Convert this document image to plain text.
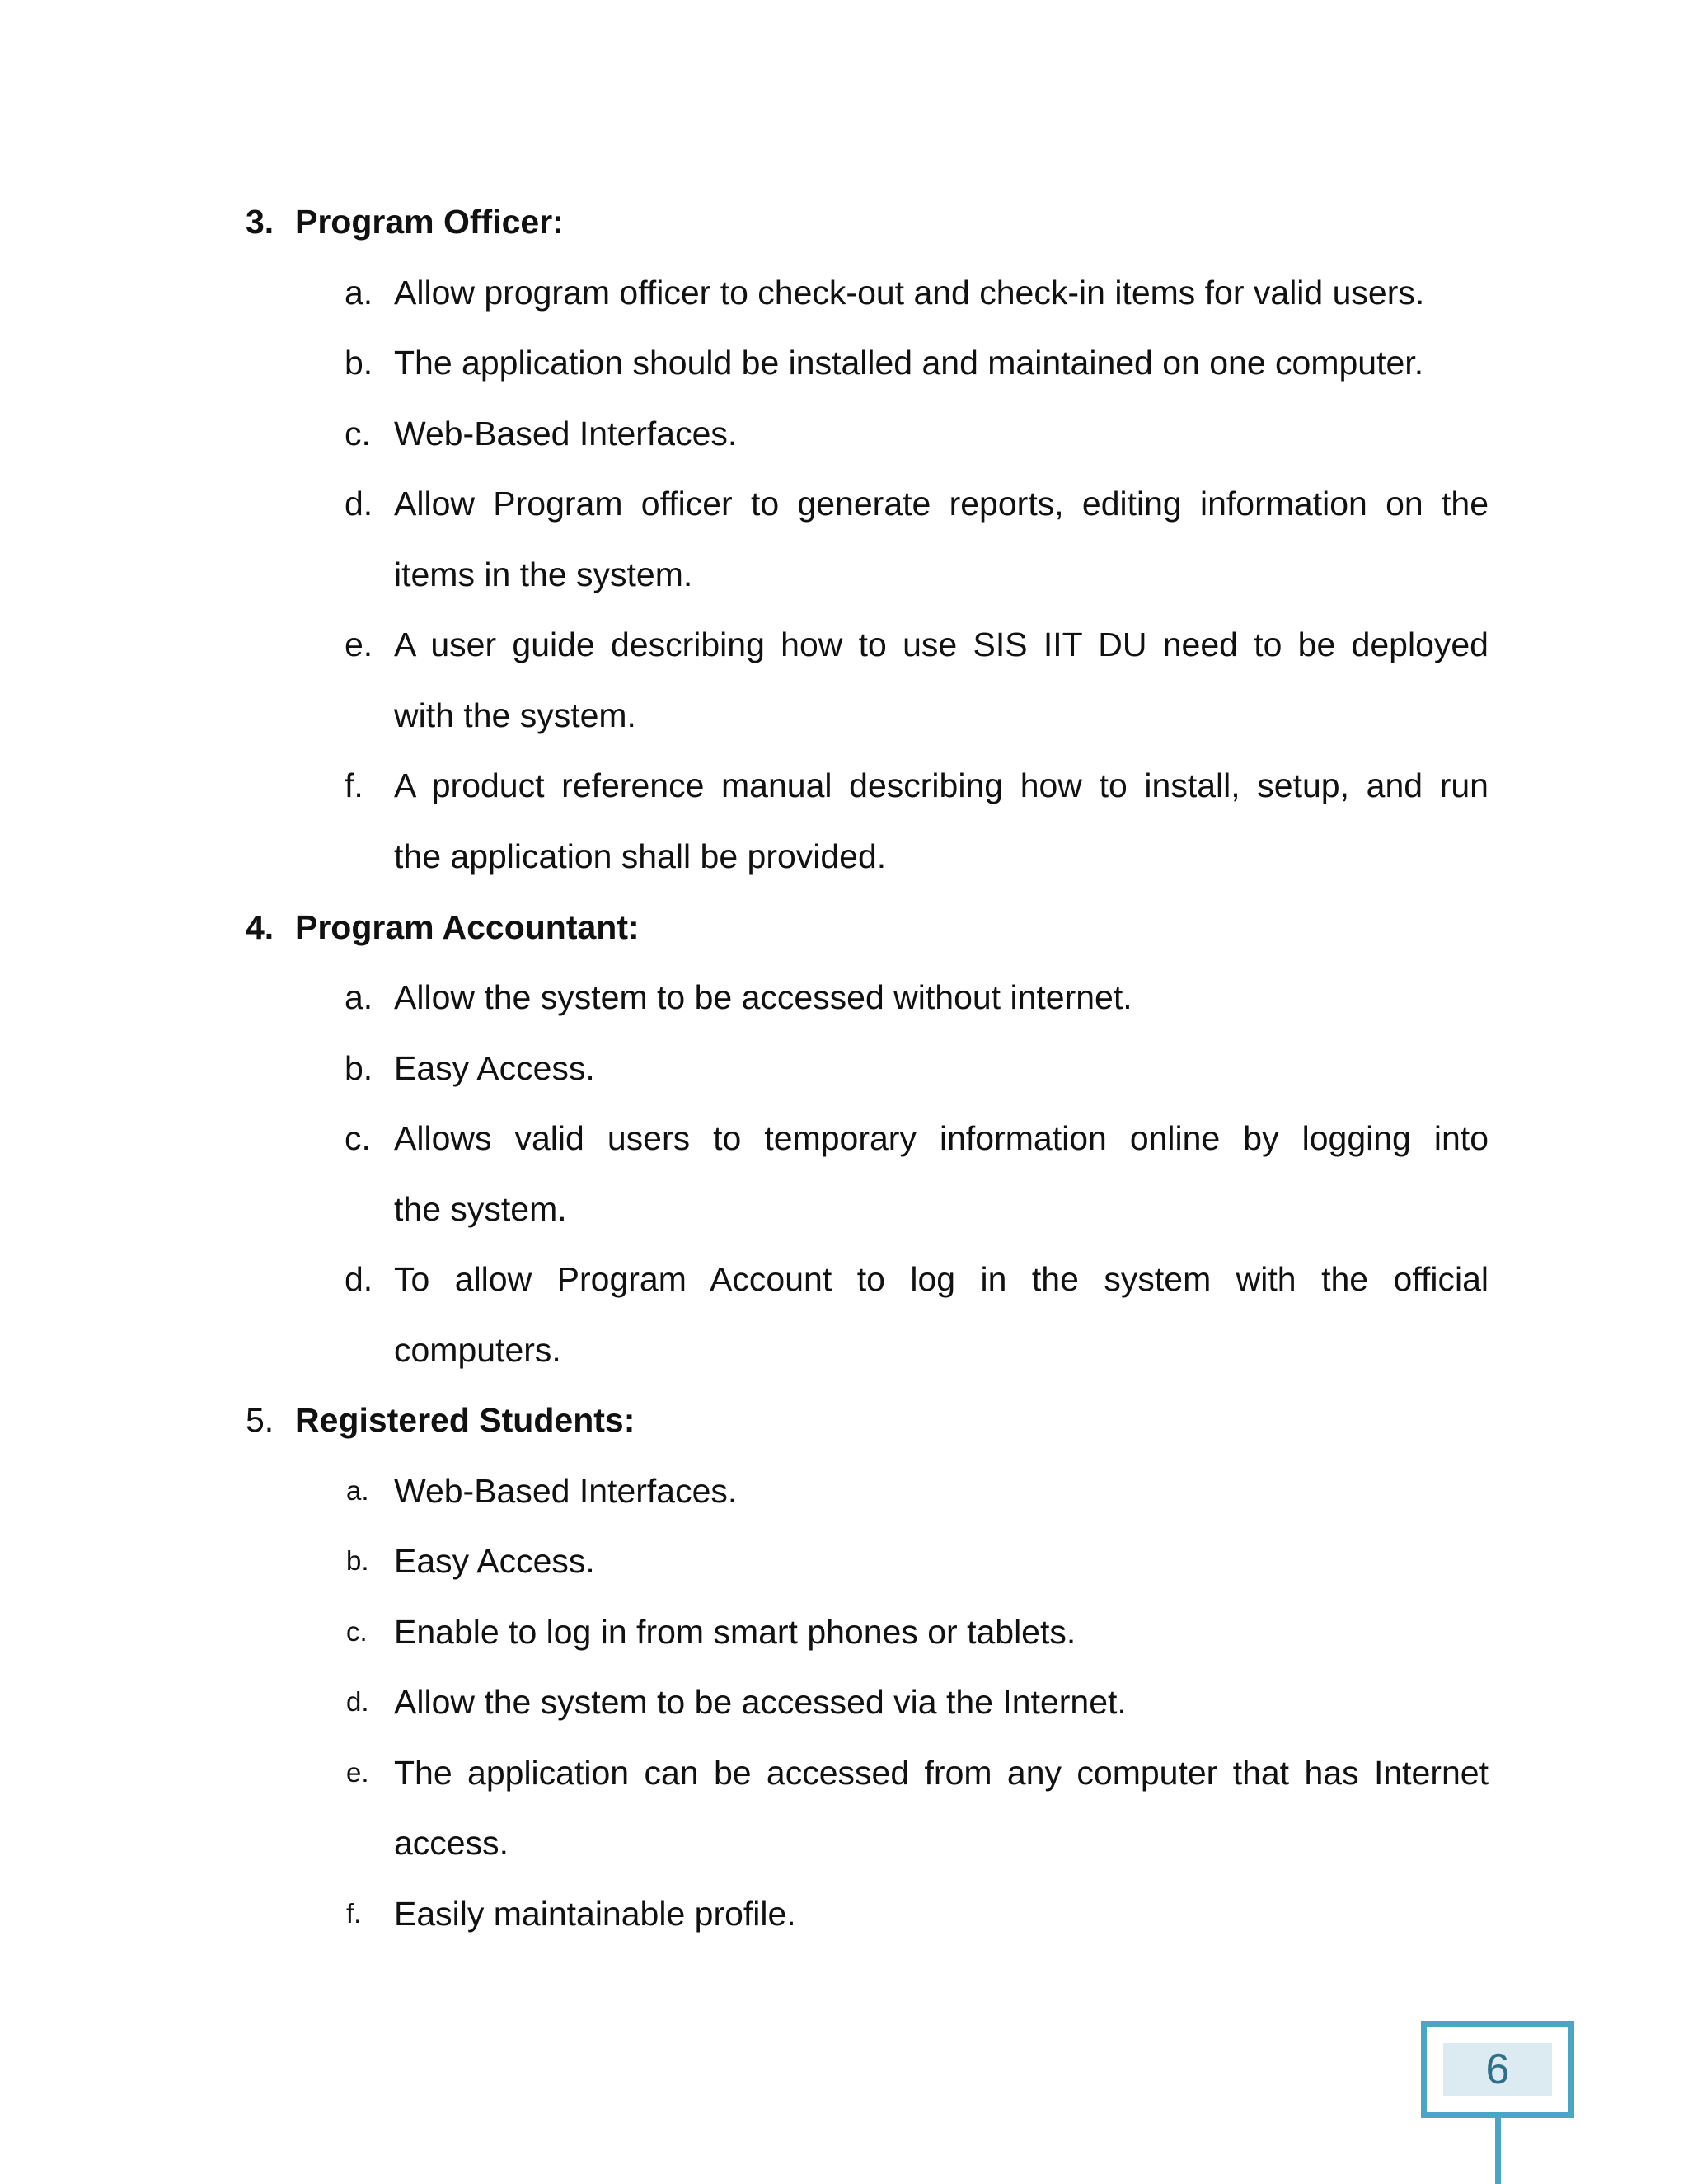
3. Program Officer:
a. Allow program officer to check-out and check-in items for valid users.
b. The application should be installed and maintained on one computer.
c. Web-Based Interfaces.
d. Allow Program officer to generate reports, editing information on the
items in the system.
e. A user guide describing how to use SIS IIT DU need to be deployed
with the system.
f. A product reference manual describing how to install, setup, and run
the application shall be provided.
4. Program Accountant:
a. Allow the system to be accessed without internet.
b. Easy Access.
c. Allows valid users to temporary information online by logging into
the system.
d. To allow Program Account to log in the system with the official
computers.
5. Registered Students:
a. Web-Based Interfaces.
b. Easy Access.
c. Enable to log in from smart phones or tablets.
d. Allow the system to be accessed via the Internet.
e. The application can be accessed from any computer that has Internet
access.
f. Easily maintainable profile.
6
